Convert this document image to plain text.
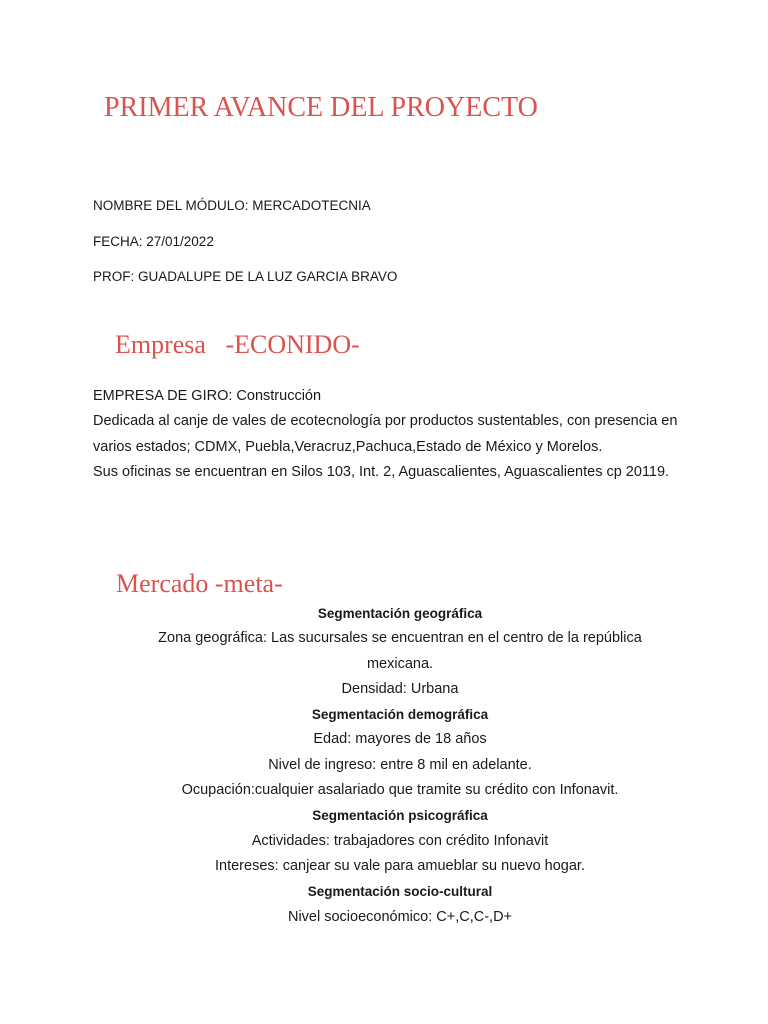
PRIMER AVANCE DEL PROYECTO
NOMBRE DEL MÓDULO: MERCADOTECNIA
FECHA: 27/01/2022
PROF: GUADALUPE DE LA LUZ GARCIA BRAVO
Empresa   -ECONIDO-

EMPRESA DE GIRO: Construcción

Dedicada al canje de vales de ecotecnología por productos sustentables, con presencia en varios estados; CDMX, Puebla,Veracruz,Pachuca,Estado de México y Morelos.

Sus oficinas se encuentran en Silos 103, Int. 2, Aguascalientes, Aguascalientes cp 20119.

Mercado -meta-

Segmentación geográfica

Zona geográfica: Las sucursales se encuentran en el centro de la república

mexicana.

Densidad: Urbana

Segmentación demográfica

Edad: mayores de 18 años

Nivel de ingreso: entre 8 mil en adelante.

Ocupación:cualquier asalariado que tramite su crédito con Infonavit.

Segmentación psicográfica

Actividades: trabajadores con crédito Infonavit

Intereses: canjear su vale para amueblar su nuevo hogar.

Segmentación socio-cultural

Nivel socioeconómico: C+,C,C-,D+
